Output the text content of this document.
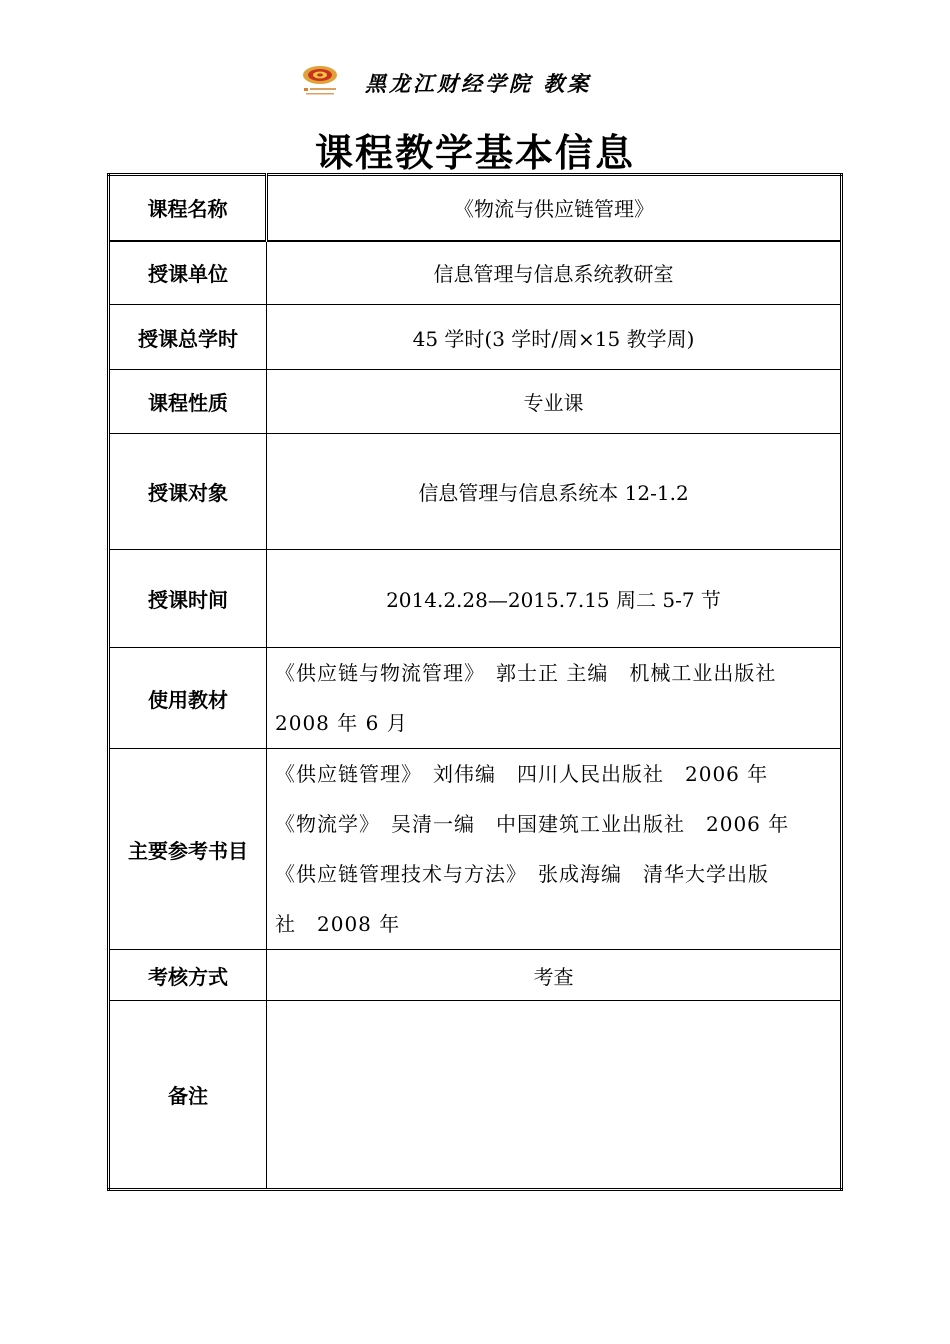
黑龙江财经学院 教案
课程教学基本信息
课程名称	《物流与供应链管理》
授课单位	信息管理与信息系统教研室
授课总学时	45 学时(3 学时/周×15 教学周)
课程性质	专业课
授课对象	信息管理与信息系统本 12-1.2
授课时间	2014.2.28—2015.7.15 周二 5-7 节
使用教材	《供应链与物流管理》　郭士正 主编　机械工业出版社
2008 年 6 月

主要参考书目	《供应链管理》　刘伟编　四川人民出版社　2006 年
《物流学》　吴清一编　中国建筑工业出版社　2006 年
《供应链管理技术与方法》　张成海编　清华大学出版
社　2008 年

考核方式	考查
备注	
